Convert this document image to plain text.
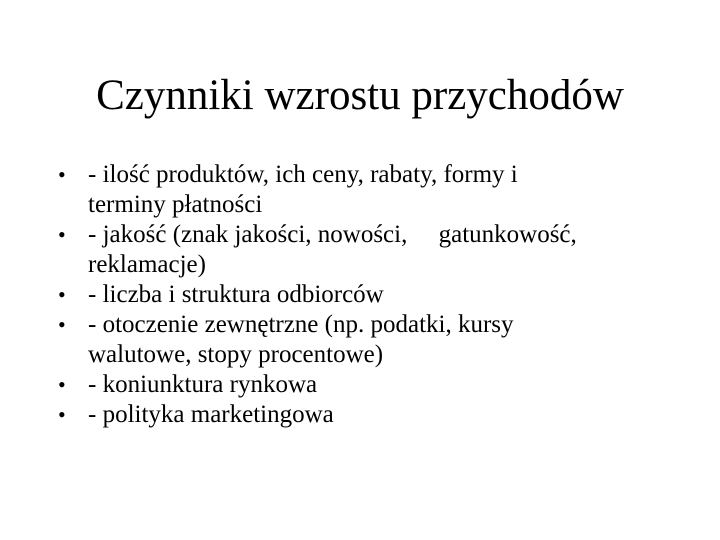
Czynniki wzrostu przychodów
• - ilość produktów, ich ceny, rabaty, formy i
terminy płatności
• - jakość (znak jakości, nowości,     gatunkowość,
reklamacje)
• - liczba i struktura odbiorców
• - otoczenie zewnętrzne (np. podatki, kursy
walutowe, stopy procentowe)
• - koniunktura rynkowa
• - polityka marketingowa
